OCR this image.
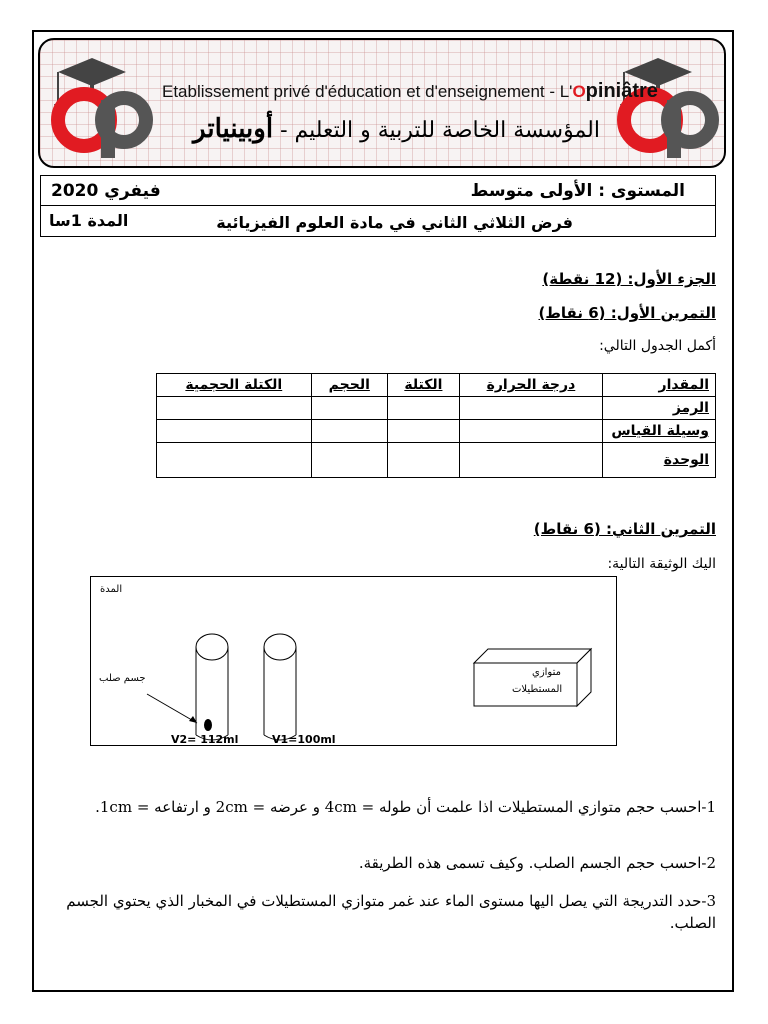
Etablissement privé d'éducation et d'enseignement - L'Opiniâtre
المؤسسة الخاصة للتربية و التعليم - أوبينياتر
المستوى : الأولى متوسط
فيفري 2020
فرض الثلاثي الثاني في مادة العلوم الفيزيائية
المدة 1سا
الجزء الأول: (12 نقطة)
التمرين الأول: (6 نقاط)
أكمل الجدول التالي:
المقدار	درجة الحرارة	الكتلة	الحجم	الكتلة الحجمية
الرمز				
وسيلة القياس				
الوحدة				
التمرين الثاني: (6 نقاط)
اليك الوثيقة التالية:
المدة
جسم صلب
V2= 112ml	V1=100ml
متوازي
المستطيلات
1-احسب حجم متوازي المستطيلات اذا علمت أن طوله = 4cm و عرضه = 2cm و ارتفاعه = 1cm.
2-احسب حجم الجسم الصلب. وكيف تسمى هذه الطريقة.
3-حدد التدريجة التي يصل اليها مستوى الماء عند غمر متوازي المستطيلات في المخبار الذي يحتوي الجسم الصلب.
